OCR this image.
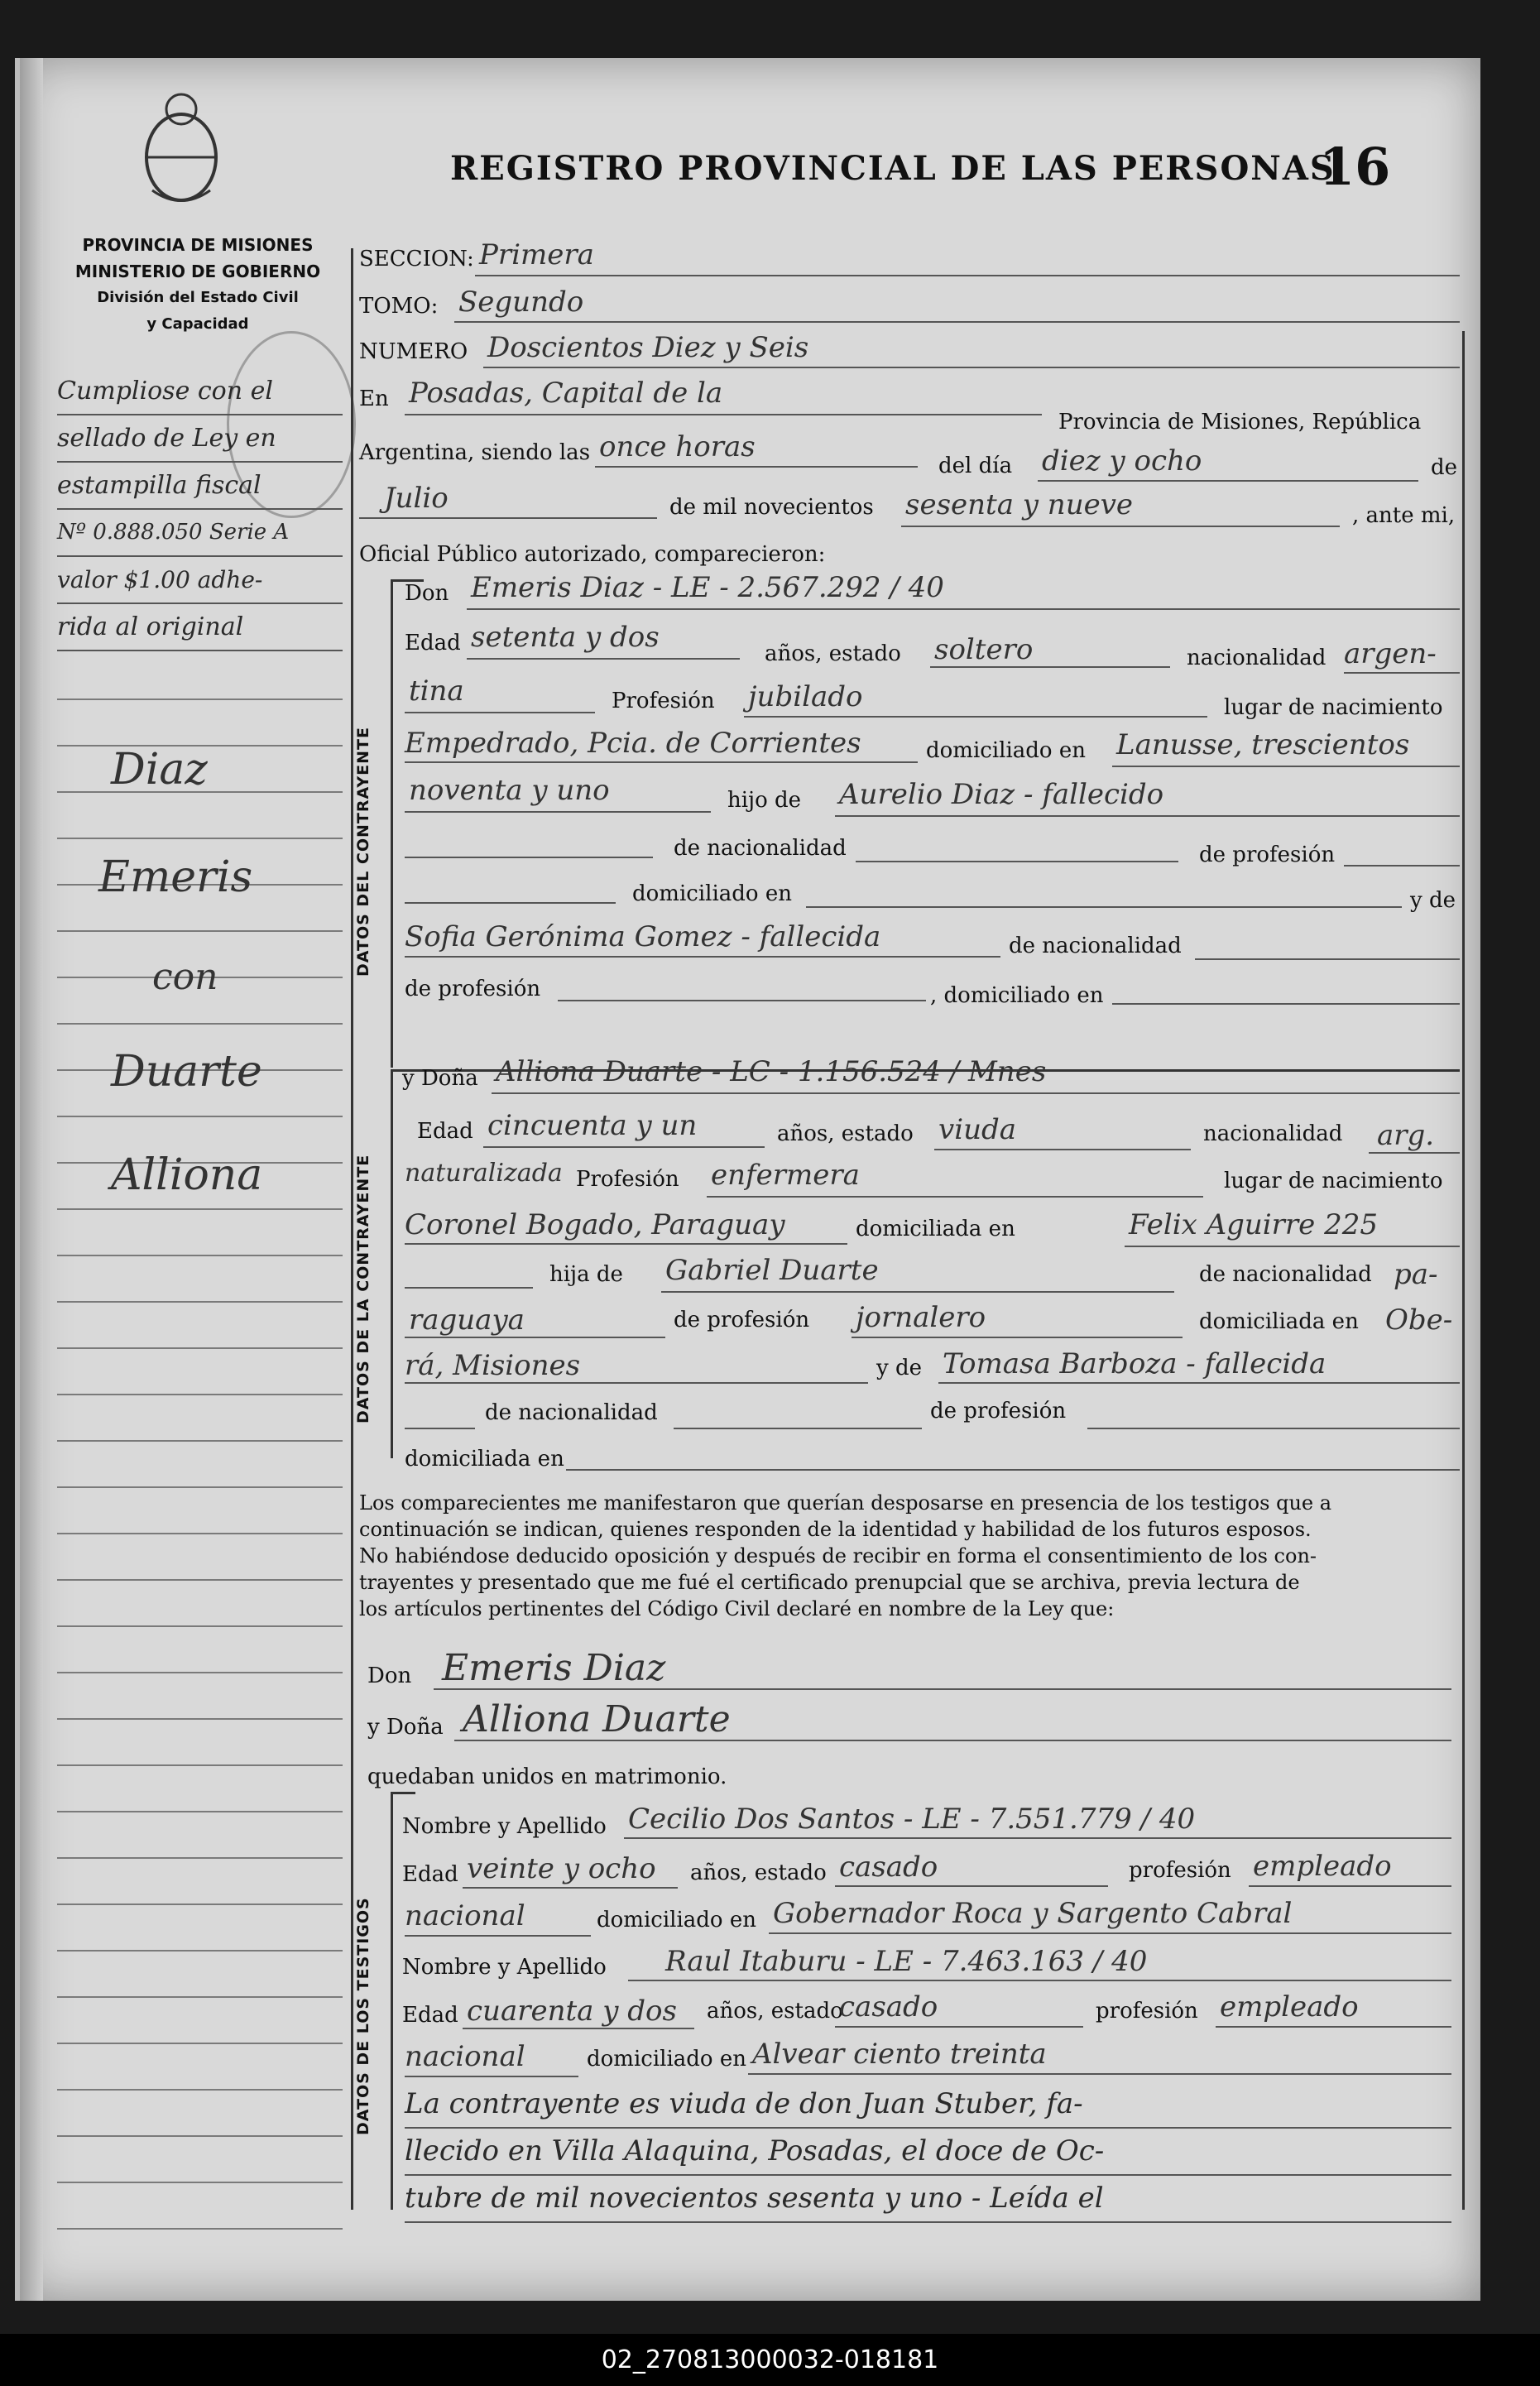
PROVINCIA DE MISIONES
MINISTERIO DE GOBIERNO
División del Estado Civil
y Capacidad
REGISTRO PROVINCIAL DE LAS PERSONAS
16
Cumpliose con el
sellado de Ley en
estampilla fiscal
Nº 0.888.050 Serie A
valor $1.00 adhe-
rida al original
Diaz
Emeris
con
Duarte
Alliona
SECCION: Primera
TOMO: Segundo
NUMERO Doscientos Diez y Seis
En Posadas, Capital de la
Provincia de Misiones, República
Argentina, siendo las once horas
del día diez y ocho	de
Julio	de mil novecientos sesenta y nueve	, ante mi,
Oficial Público autorizado, comparecieron:
DATOS DEL CONTRAYENTE
Don Emeris Diaz - LE - 2.567.292 / 40
Edad setenta y dos	años, estado soltero	nacionalidad argen-
tina	Profesión jubilado	lugar de nacimiento
Empedrado, Pcia. de Corrientes	domiciliado en Lanusse, trescientos
noventa y uno	hijo de Aurelio Diaz - fallecido
de nacionalidad	de profesión
domiciliado en	y de
Sofia Gerónima Gomez - fallecida	de nacionalidad
de profesión	, domiciliado en
DATOS DE LA CONTRAYENTE
y Doña Alliona Duarte - LC - 1.156.524 / Mnes
Edad cincuenta y un	años, estado viuda	nacionalidad arg.
naturalizada Profesión enfermera	lugar de nacimiento
Coronel Bogado, Paraguay	domiciliada en	Felix Aguirre 225
hija de Gabriel Duarte	de nacionalidad pa-
raguaya	de profesión jornalero	domiciliada en Obe-
rá, Misiones	y de Tomasa Barboza - fallecida
de nacionalidad	de profesión
domiciliada en
Los comparecientes me manifestaron que querían desposarse en presencia de los testigos que a
continuación se indican, quienes responden de la identidad y habilidad de los futuros esposos.
No habiéndose deducido oposición y después de recibir en forma el consentimiento de los con-
trayentes y presentado que me fué el certificado prenupcial que se archiva, previa lectura de
los artículos pertinentes del Código Civil declaré en nombre de la Ley que:
Don Emeris Diaz
y Doña Alliona Duarte
quedaban unidos en matrimonio.
DATOS DE LOS TESTIGOS
Nombre y Apellido Cecilio Dos Santos - LE - 7.551.779 / 40
Edad veinte y ocho años, estado casado	profesión empleado
nacional	domiciliado en Gobernador Roca y Sargento Cabral
Nombre y Apellido Raul Itaburu - LE - 7.463.163 / 40
Edad cuarenta y dos años, estado
casado	profesión empleado
nacional	domiciliado en Alvear ciento treinta
La contrayente es viuda de don Juan Stuber, fa-
llecido en Villa Alaquina, Posadas, el doce de Oc-
tubre de mil novecientos sesenta y uno - Leída el
02_270813000032-018181
